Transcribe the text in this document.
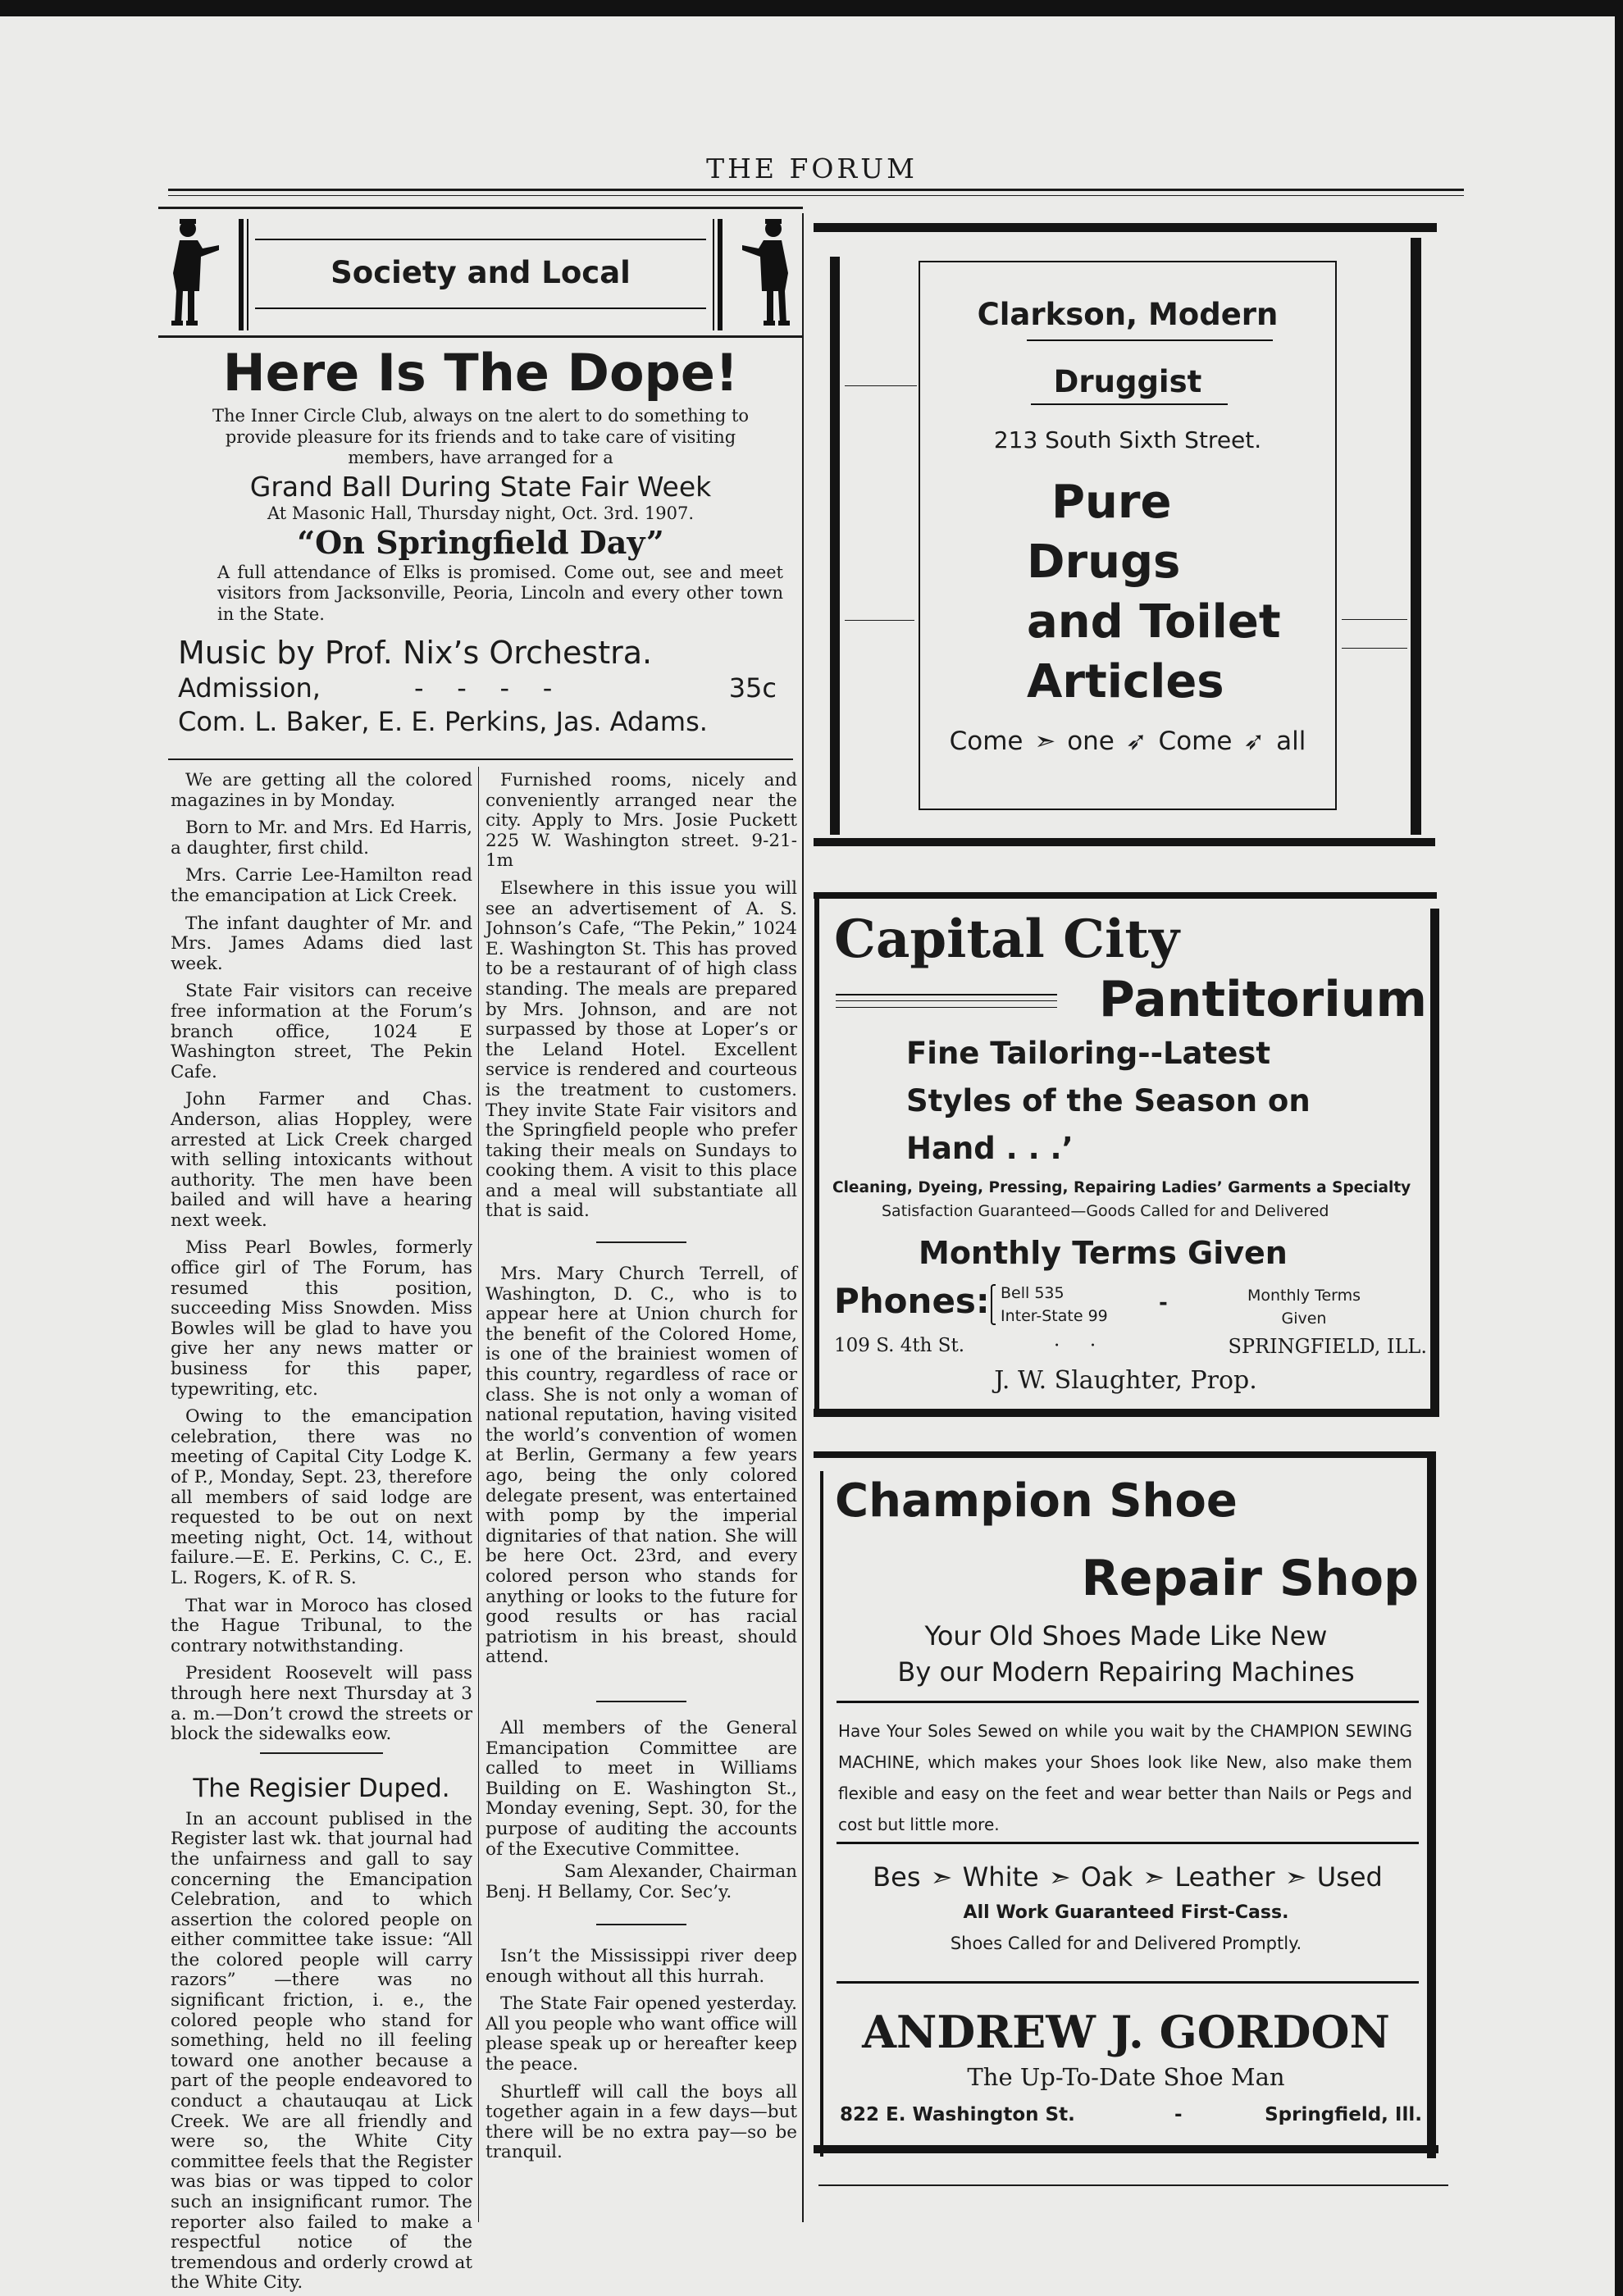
THE FORUM
Society and Local
Here Is The Dope!
The Inner Circle Club, always on tne alert to do something to provide pleasure for its friends and to take care of visiting members, have arranged for a
Grand Ball During State Fair Week
At Masonic Hall, Thursday night, Oct. 3rd. 1907.
“On Springfield Day”
A full attendance of Elks is promised. Come out, see and meet visitors from Jacksonville, Peoria, Lincoln and every other town in the State.
Music by Prof. Nix’s Orchestra.
Admission,	-    -    -    -	35c
Com. L. Baker, E. E. Perkins, Jas. Adams.

We are getting all the colored magazines in by Monday.

Born to Mr. and Mrs. Ed Harris, a daughter, first child.

Mrs. Carrie Lee-Hamilton read the emancipation at Lick Creek.

The infant daughter of Mr. and Mrs. James Adams died last week.

State Fair visitors can receive free information at the Forum’s branch office, 1024 E Washington street, The Pekin Cafe.

John Farmer and Chas. Anderson, alias Hoppley, were arrested at Lick Creek charged with selling intoxicants without authority. The men have been bailed and will have a hearing next week.

Miss Pearl Bowles, formerly office girl of The Forum, has resumed this position, succeeding Miss Snowden. Miss Bowles will be glad to have you give her any news matter or business for this paper, typewriting, etc.

Owing to the emancipation celebration, there was no meeting of Capital City Lodge K. of P., Monday, Sept. 23, therefore all members of said lodge are requested to be out on next meeting night, Oct. 14, without failure.—E. E. Perkins, C. C., E. L. Rogers, K. of R. S.

That war in Moroco has closed the Hague Tribunal, to the contrary notwithstanding.

President Roosevelt will pass through here next Thursday at 3 a. m.—Don’t crowd the streets or block the sidewalks eow.

The Regisier Duped.

In an account publised in the Register last wk. that journal had the unfairness and gall to say concerning the Emancipation Celebration, and to which assertion the colored people on either committee take issue: “All the colored people will carry razors” —there was no significant friction, i. e., the colored people who stand for something, held no ill feeling toward one another because a part of the people endeavored to conduct a chautauqau at Lick Creek. We are all friendly and were so, the White City committee feels that the Register was bias or was tipped to color such an insignificant rumor. The reporter also failed to make a respectful notice of the tremendous and orderly crowd at the White City.

Furnished rooms, nicely and conveniently arranged near the city. Apply to Mrs. Josie Puckett 225 W. Washington street. 9-21-1m

Elsewhere in this issue you will see an advertisement of A. S. Johnson’s Cafe, “The Pekin,” 1024 E. Washington St. This has proved to be a restaurant of of high class standing. The meals are prepared by Mrs. Johnson, and are not surpassed by those at Loper’s or the Leland Hotel. Excellent service is rendered and courteous is the treatment to customers. They invite State Fair visitors and the Springfield people who prefer taking their meals on Sundays to cooking them. A visit to this place and a meal will substantiate all that is said.

Mrs. Mary Church Terrell, of Washington, D. C., who is to appear here at Union church for the benefit of the Colored Home, is one of the brainiest women of this country, regardless of race or class. She is not only a woman of national reputation, having visited the world’s convention of women at Berlin, Germany a few years ago, being the only colored delegate present, was entertained with pomp by the imperial dignitaries of that nation. She will be here Oct. 23rd, and every colored person who stands for anything or looks to the future for good results or has racial patriotism in his breast, should attend.

All members of the General Emancipation Committee are called to meet in Williams Building on E. Washington St., Monday evening, Sept. 30, for the purpose of auditing the accounts of the Executive Committee.

Sam Alexander, Chairman
Benj. H Bellamy, Cor. Sec’y.

Isn’t the Mississippi river deep enough without all this hurrah.

The State Fair opened yesterday. All you people who want office will please speak up or hereafter keep the peace.

Shurtleff will call the boys all together again in a few days—but there will be no extra pay—so be tranquil.

Clarkson, Modern
Druggist
213 South Sixth Street.
Pure
Drugs
and Toilet
Articles
Come ➣ one ➶ Come ➶ all
Capital City
Pantitorium
Fine Tailoring--Latest
Styles of the Season on
Hand . . .’
Cleaning, Dyeing, Pressing, Repairing Ladies’ Garments a Specialty
Satisfaction Guaranteed—Goods Called for and Delivered
Monthly Terms Given
Phones: Bell 535
Inter-State 99
-	Monthly Terms
Given
109 S. 4th St.	·     ·	SPRINGFIELD, ILL.
J. W. Slaughter, Prop.
Champion Shoe
Repair Shop
Your Old Shoes Made Like New
By our Modern Repairing Machines
Have Your Soles Sewed on while you wait by the CHAMPION SEWING MACHINE, which makes your Shoes look like New, also make them flexible and easy on the feet and wear better than Nails or Pegs and cost but little more.
Bes ➣ White ➣ Oak ➣ Leather ➣ Used
All Work Guaranteed First-Cass.
Shoes Called for and Delivered Promptly.
ANDREW J. GORDON
The Up-To-Date Shoe Man
822 E. Washington St.	-	Springfield, Ill.
